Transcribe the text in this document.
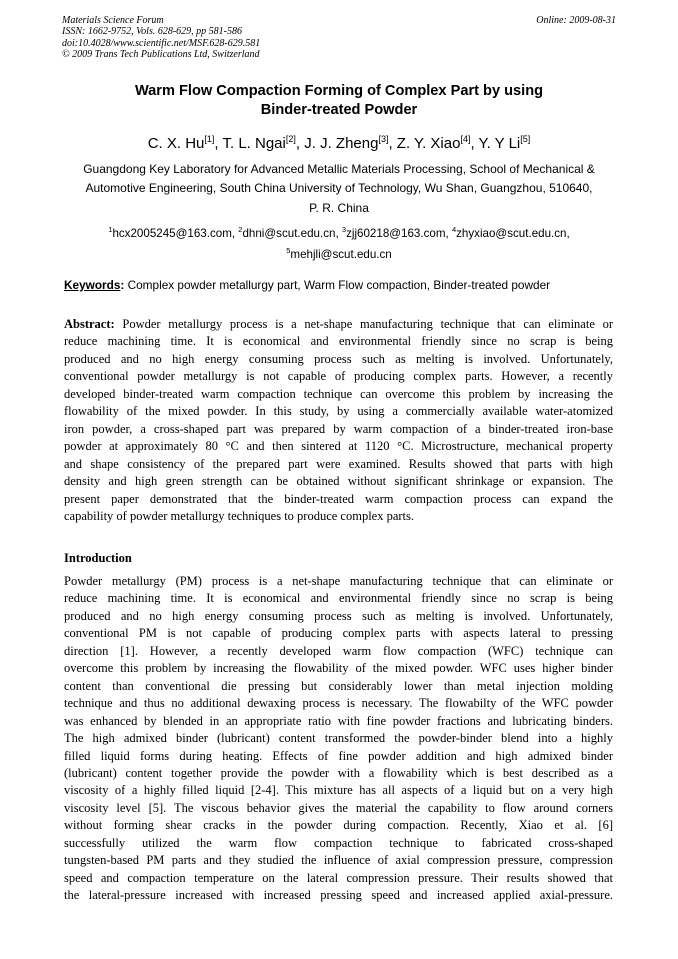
Materials Science Forum
ISSN: 1662-9752, Vols. 628-629, pp 581-586
doi:10.4028/www.scientific.net/MSF.628-629.581
© 2009 Trans Tech Publications Ltd, Switzerland
Online: 2009-08-31
Warm Flow Compaction Forming of Complex Part by using
Binder-treated Powder
C. X. Hu[1], T. L. Ngai[2], J. J. Zheng[3], Z. Y. Xiao[4], Y. Y Li[5]
Guangdong Key Laboratory for Advanced Metallic Materials Processing, School of Mechanical &
Automotive Engineering, South China University of Technology, Wu Shan, Guangzhou, 510640,
P. R. China
$^1$hcx2005245@163.com, $^2$dhni@scut.edu.cn, $^3$zjj60218@163.com, $^4$zhyxiao@scut.edu.cn,
$^5$mehjli@scut.edu.cn
Keywords: Complex powder metallurgy part, Warm Flow compaction, Binder-treated powder
Abstract: Powder metallurgy process is a net-shape manufacturing technique that can eliminate or
reduce machining time. It is economical and environmental friendly since no scrap is being
produced and no high energy consuming process such as melting is involved. Unfortunately,
conventional powder metallurgy is not capable of producing complex parts. However, a recently
developed binder-treated warm compaction technique can overcome this problem by increasing the
flowability of the mixed powder. In this study, by using a commercially available water-atomized
iron powder, a cross-shaped part was prepared by warm compaction of a binder-treated iron-base
powder at approximately 80 °C and then sintered at 1120 °C. Microstructure, mechanical property
and shape consistency of the prepared part were examined. Results showed that parts with high
density and high green strength can be obtained without significant shrinkage or expansion. The
present paper demonstrated that the binder-treated warm compaction process can expand the
capability of powder metallurgy techniques to produce complex parts.
Introduction
Powder metallurgy (PM) process is a net-shape manufacturing technique that can eliminate or
reduce machining time. It is economical and environmental friendly since no scrap is being
produced and no high energy consuming process such as melting is involved. Unfortunately,
conventional PM is not capable of producing complex parts with aspects lateral to pressing
direction [1]. However, a recently developed warm flow compaction (WFC) technique can
overcome this problem by increasing the flowability of the mixed powder. WFC uses higher binder
content than conventional die pressing but considerably lower than metal injection molding
technique and thus no additional dewaxing process is necessary. The flowabilty of the WFC powder
was enhanced by blended in an appropriate ratio with fine powder fractions and lubricating binders.
The high admixed binder (lubricant) content transformed the powder-binder blend into a highly
filled liquid forms during heating. Effects of fine powder addition and high admixed binder
(lubricant) content together provide the powder with a flowability which is best described as a
viscosity of a highly filled liquid [2-4]. This mixture has all aspects of a liquid but on a very high
viscosity level [5]. The viscous behavior gives the material the capability to flow around corners
without forming shear cracks in the powder during compaction. Recently, Xiao et al. [6]
successfully utilized the warm flow compaction technique to fabricated cross-shaped
tungsten-based PM parts and they studied the influence of axial compression pressure, compression
speed and compaction temperature on the lateral compression pressure. Their results showed that
the lateral-pressure increased with increased pressing speed and increased applied axial-pressure.
